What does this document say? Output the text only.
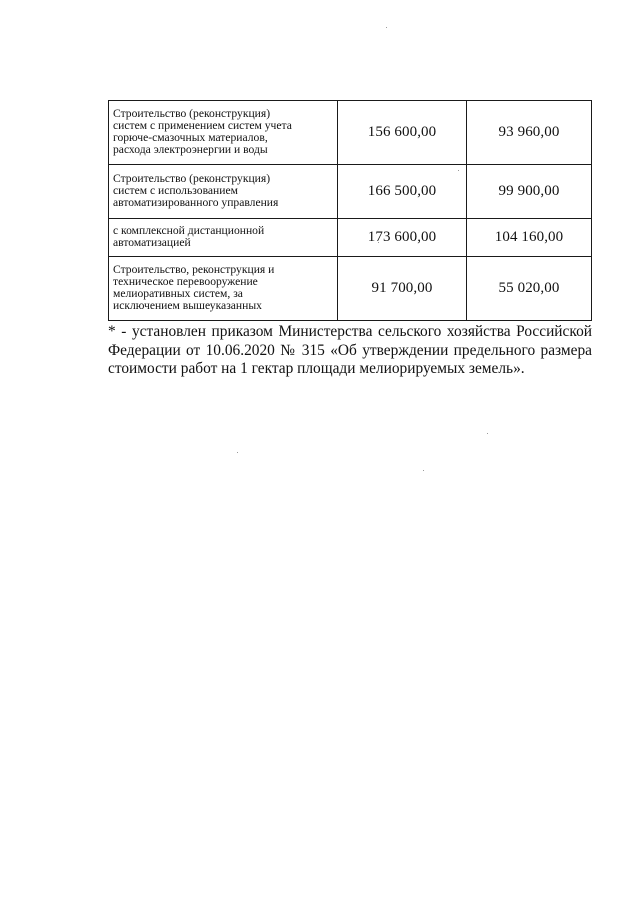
Строительство (реконструкция)
систем с применением систем учета
горюче-смазочных материалов,
расхода электроэнергии и воды	156 600,00	93 960,00

Строительство (реконструкция)
систем с использованием
автоматизированного управления	166 500,00	99 900,00

с комплексной дистанционной
автоматизацией	173 600,00	104 160,00

Строительство, реконструкция и
техническое перевооружение
мелиоративных систем, за
исключением вышеуказанных	91 700,00	55 020,00
* - установлен приказом Министерства сельского хозяйства Российской
Федерации от 10.06.2020 № 315 «Об утверждении предельного размера
стоимости работ на 1 гектар площади мелиорируемых земель».
